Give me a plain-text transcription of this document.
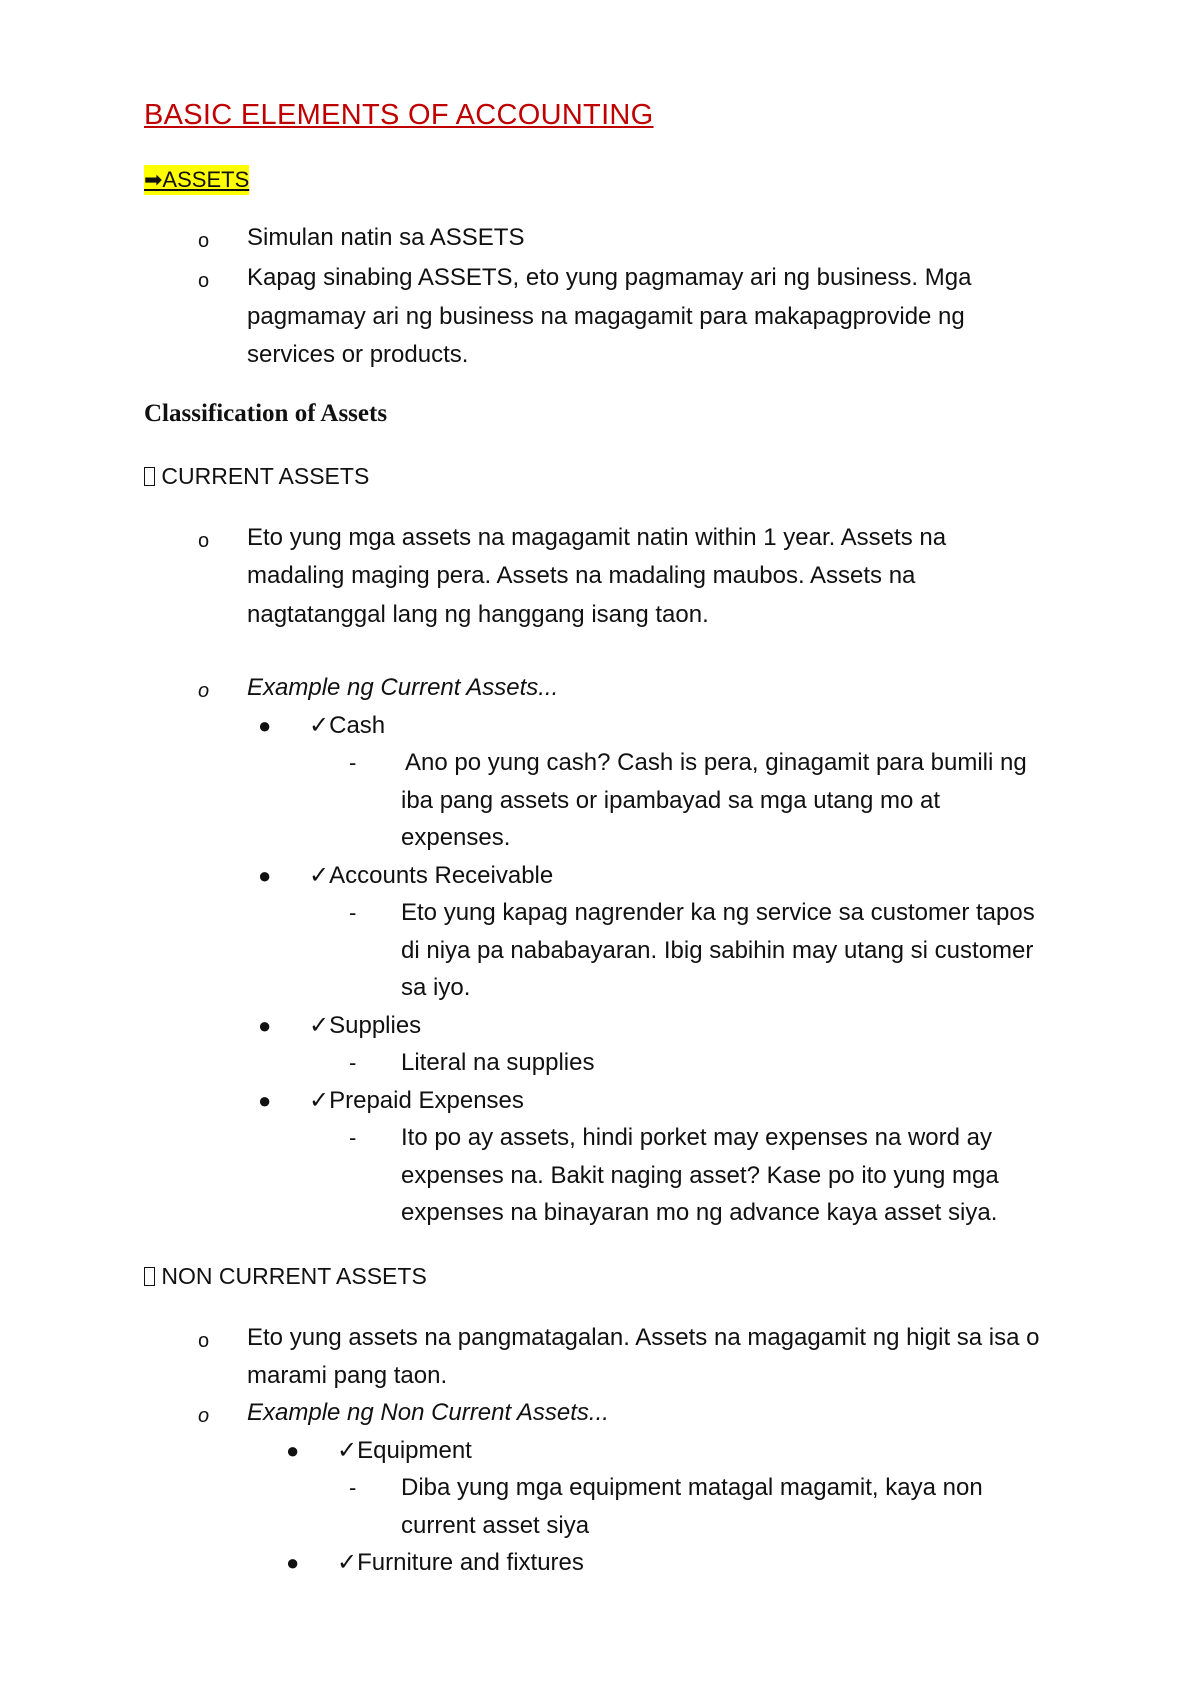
BASIC ELEMENTS OF ACCOUNTING
➡ASSETS
o Simulan natin sa ASSETS
o Kapag sinabing ASSETS, eto yung pagmamay ari ng business. Mga
pagmamay ari ng business na magagamit para makapagprovide ng
services or products.
Classification of Assets
CURRENT ASSETS
o Eto yung mga assets na magagamit natin within 1 year. Assets na
madaling maging pera. Assets na madaling maubos. Assets na
nagtatanggal lang ng hanggang isang taon.
o Example ng Current Assets...
● ✓Cash
- Ano po yung cash? Cash is pera, ginagamit para bumili ng
iba pang assets or ipambayad sa mga utang mo at
expenses.
● ✓Accounts Receivable
- Eto yung kapag nagrender ka ng service sa customer tapos
di niya pa nababayaran. Ibig sabihin may utang si customer
sa iyo.
● ✓Supplies
- Literal na supplies
● ✓Prepaid Expenses
- Ito po ay assets, hindi porket may expenses na word ay
expenses na. Bakit naging asset? Kase po ito yung mga
expenses na binayaran mo ng advance kaya asset siya.
NON CURRENT ASSETS
o Eto yung assets na pangmatagalan. Assets na magagamit ng higit sa isa o
marami pang taon.
o Example ng Non Current Assets...
● ✓Equipment
- Diba yung mga equipment matagal magamit, kaya non
current asset siya
● ✓Furniture and fixtures
